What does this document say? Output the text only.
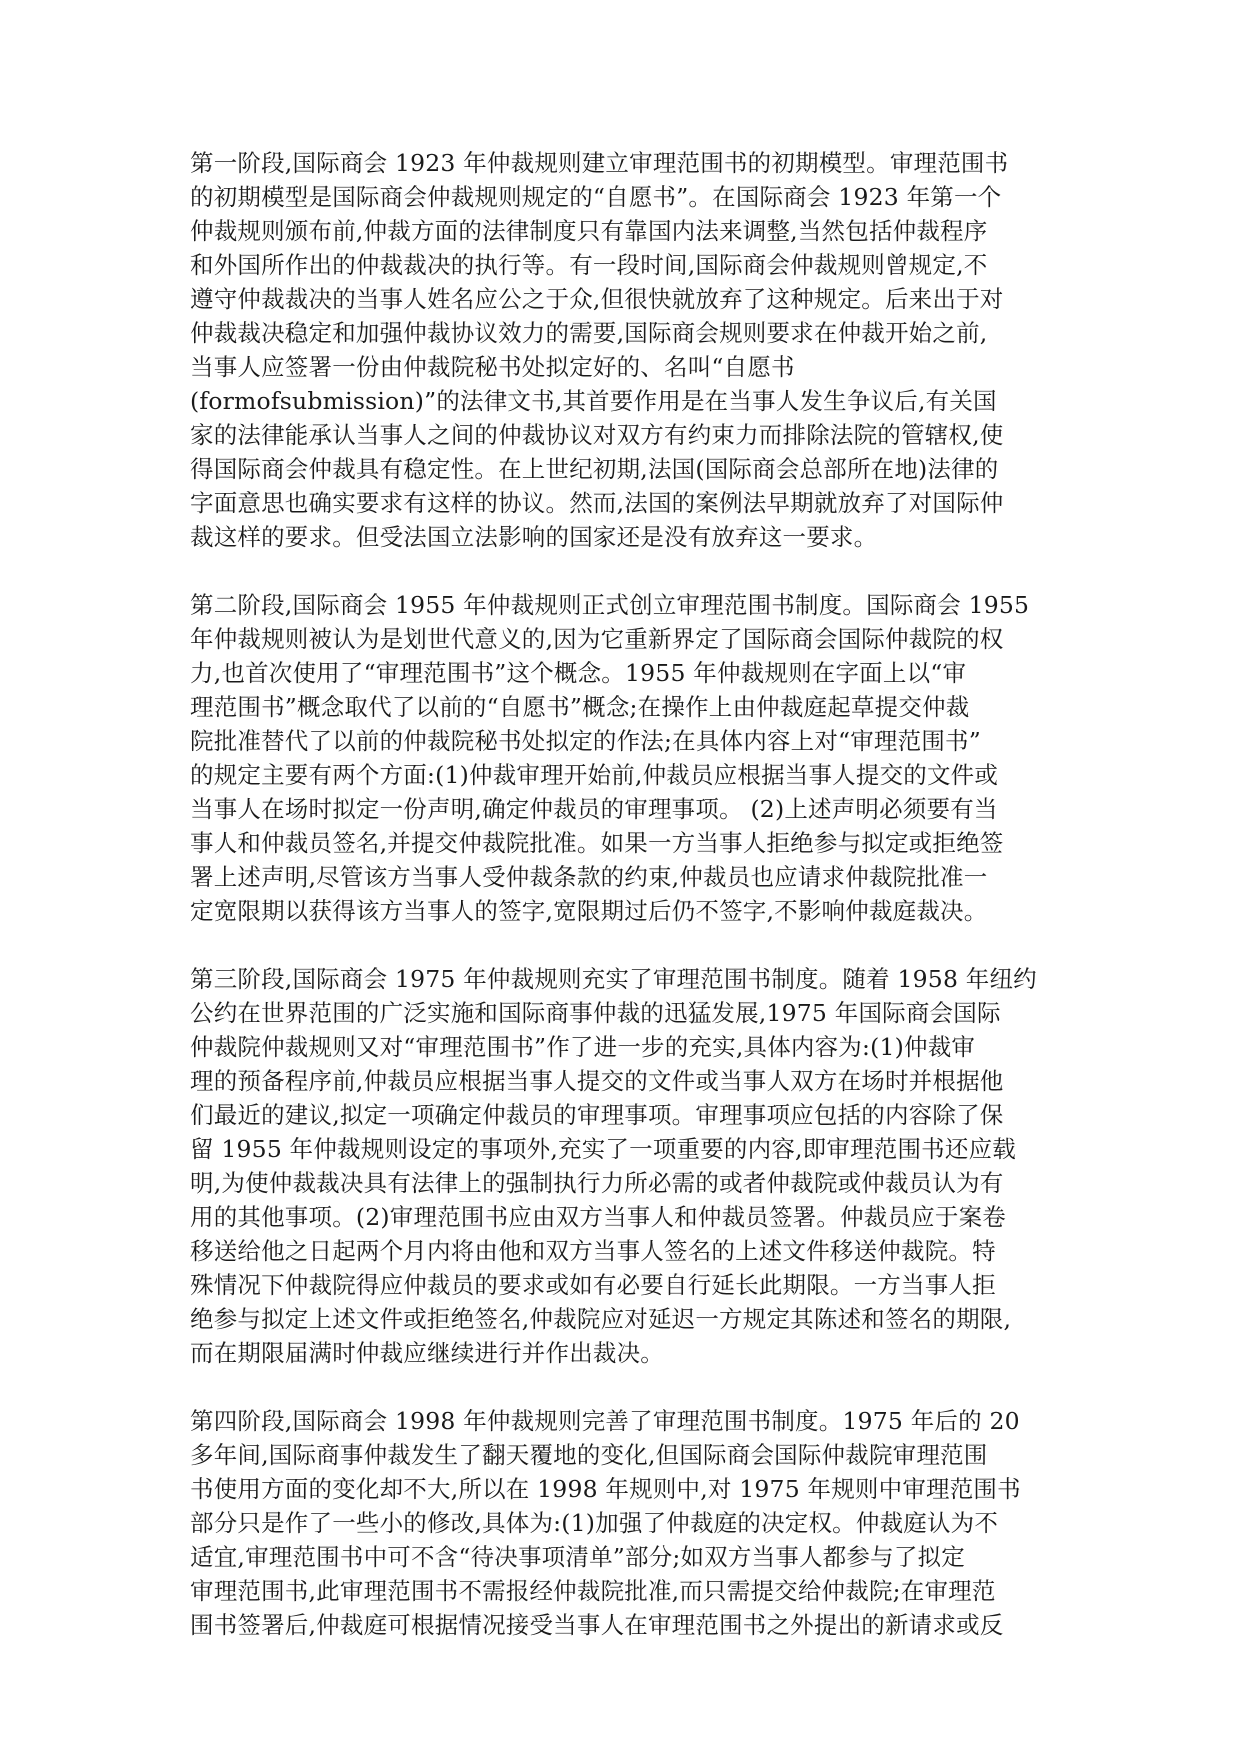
第一阶段,国际商会 1923 年仲裁规则建立审理范围书的初期模型。审理范围书
的初期模型是国际商会仲裁规则规定的“自愿书”。在国际商会 1923 年第一个
仲裁规则颁布前,仲裁方面的法律制度只有靠国内法来调整,当然包括仲裁程序
和外国所作出的仲裁裁决的执行等。有一段时间,国际商会仲裁规则曾规定,不
遵守仲裁裁决的当事人姓名应公之于众,但很快就放弃了这种规定。后来出于对
仲裁裁决稳定和加强仲裁协议效力的需要,国际商会规则要求在仲裁开始之前,
当事人应签署一份由仲裁院秘书处拟定好的、名叫“自愿书
(formofsubmission)”的法律文书,其首要作用是在当事人发生争议后,有关国
家的法律能承认当事人之间的仲裁协议对双方有约束力而排除法院的管辖权,使
得国际商会仲裁具有稳定性。在上世纪初期,法国(国际商会总部所在地)法律的
字面意思也确实要求有这样的协议。然而,法国的案例法早期就放弃了对国际仲
裁这样的要求。但受法国立法影响的国家还是没有放弃这一要求。
第二阶段,国际商会 1955 年仲裁规则正式创立审理范围书制度。国际商会 1955
年仲裁规则被认为是划世代意义的,因为它重新界定了国际商会国际仲裁院的权
力,也首次使用了“审理范围书”这个概念。1955 年仲裁规则在字面上以“审
理范围书”概念取代了以前的“自愿书”概念;在操作上由仲裁庭起草提交仲裁
院批准替代了以前的仲裁院秘书处拟定的作法;在具体内容上对“审理范围书”
的规定主要有两个方面:(1)仲裁审理开始前,仲裁员应根据当事人提交的文件或
当事人在场时拟定一份声明,确定仲裁员的审理事项。 (2)上述声明必须要有当
事人和仲裁员签名,并提交仲裁院批准。如果一方当事人拒绝参与拟定或拒绝签
署上述声明,尽管该方当事人受仲裁条款的约束,仲裁员也应请求仲裁院批准一
定宽限期以获得该方当事人的签字,宽限期过后仍不签字,不影响仲裁庭裁决。
第三阶段,国际商会 1975 年仲裁规则充实了审理范围书制度。随着 1958 年纽约
公约在世界范围的广泛实施和国际商事仲裁的迅猛发展,1975 年国际商会国际
仲裁院仲裁规则又对“审理范围书”作了进一步的充实,具体内容为:(1)仲裁审
理的预备程序前,仲裁员应根据当事人提交的文件或当事人双方在场时并根据他
们最近的建议,拟定一项确定仲裁员的审理事项。审理事项应包括的内容除了保
留 1955 年仲裁规则设定的事项外,充实了一项重要的内容,即审理范围书还应载
明,为使仲裁裁决具有法律上的强制执行力所必需的或者仲裁院或仲裁员认为有
用的其他事项。(2)审理范围书应由双方当事人和仲裁员签署。仲裁员应于案卷
移送给他之日起两个月内将由他和双方当事人签名的上述文件移送仲裁院。特
殊情况下仲裁院得应仲裁员的要求或如有必要自行延长此期限。一方当事人拒
绝参与拟定上述文件或拒绝签名,仲裁院应对延迟一方规定其陈述和签名的期限,
而在期限届满时仲裁应继续进行并作出裁决。
第四阶段,国际商会 1998 年仲裁规则完善了审理范围书制度。1975 年后的 20
多年间,国际商事仲裁发生了翻天覆地的变化,但国际商会国际仲裁院审理范围
书使用方面的变化却不大,所以在 1998 年规则中,对 1975 年规则中审理范围书
部分只是作了一些小的修改,具体为:(1)加强了仲裁庭的决定权。仲裁庭认为不
适宜,审理范围书中可不含“待决事项清单”部分;如双方当事人都参与了拟定
审理范围书,此审理范围书不需报经仲裁院批准,而只需提交给仲裁院;在审理范
围书签署后,仲裁庭可根据情况接受当事人在审理范围书之外提出的新请求或反
